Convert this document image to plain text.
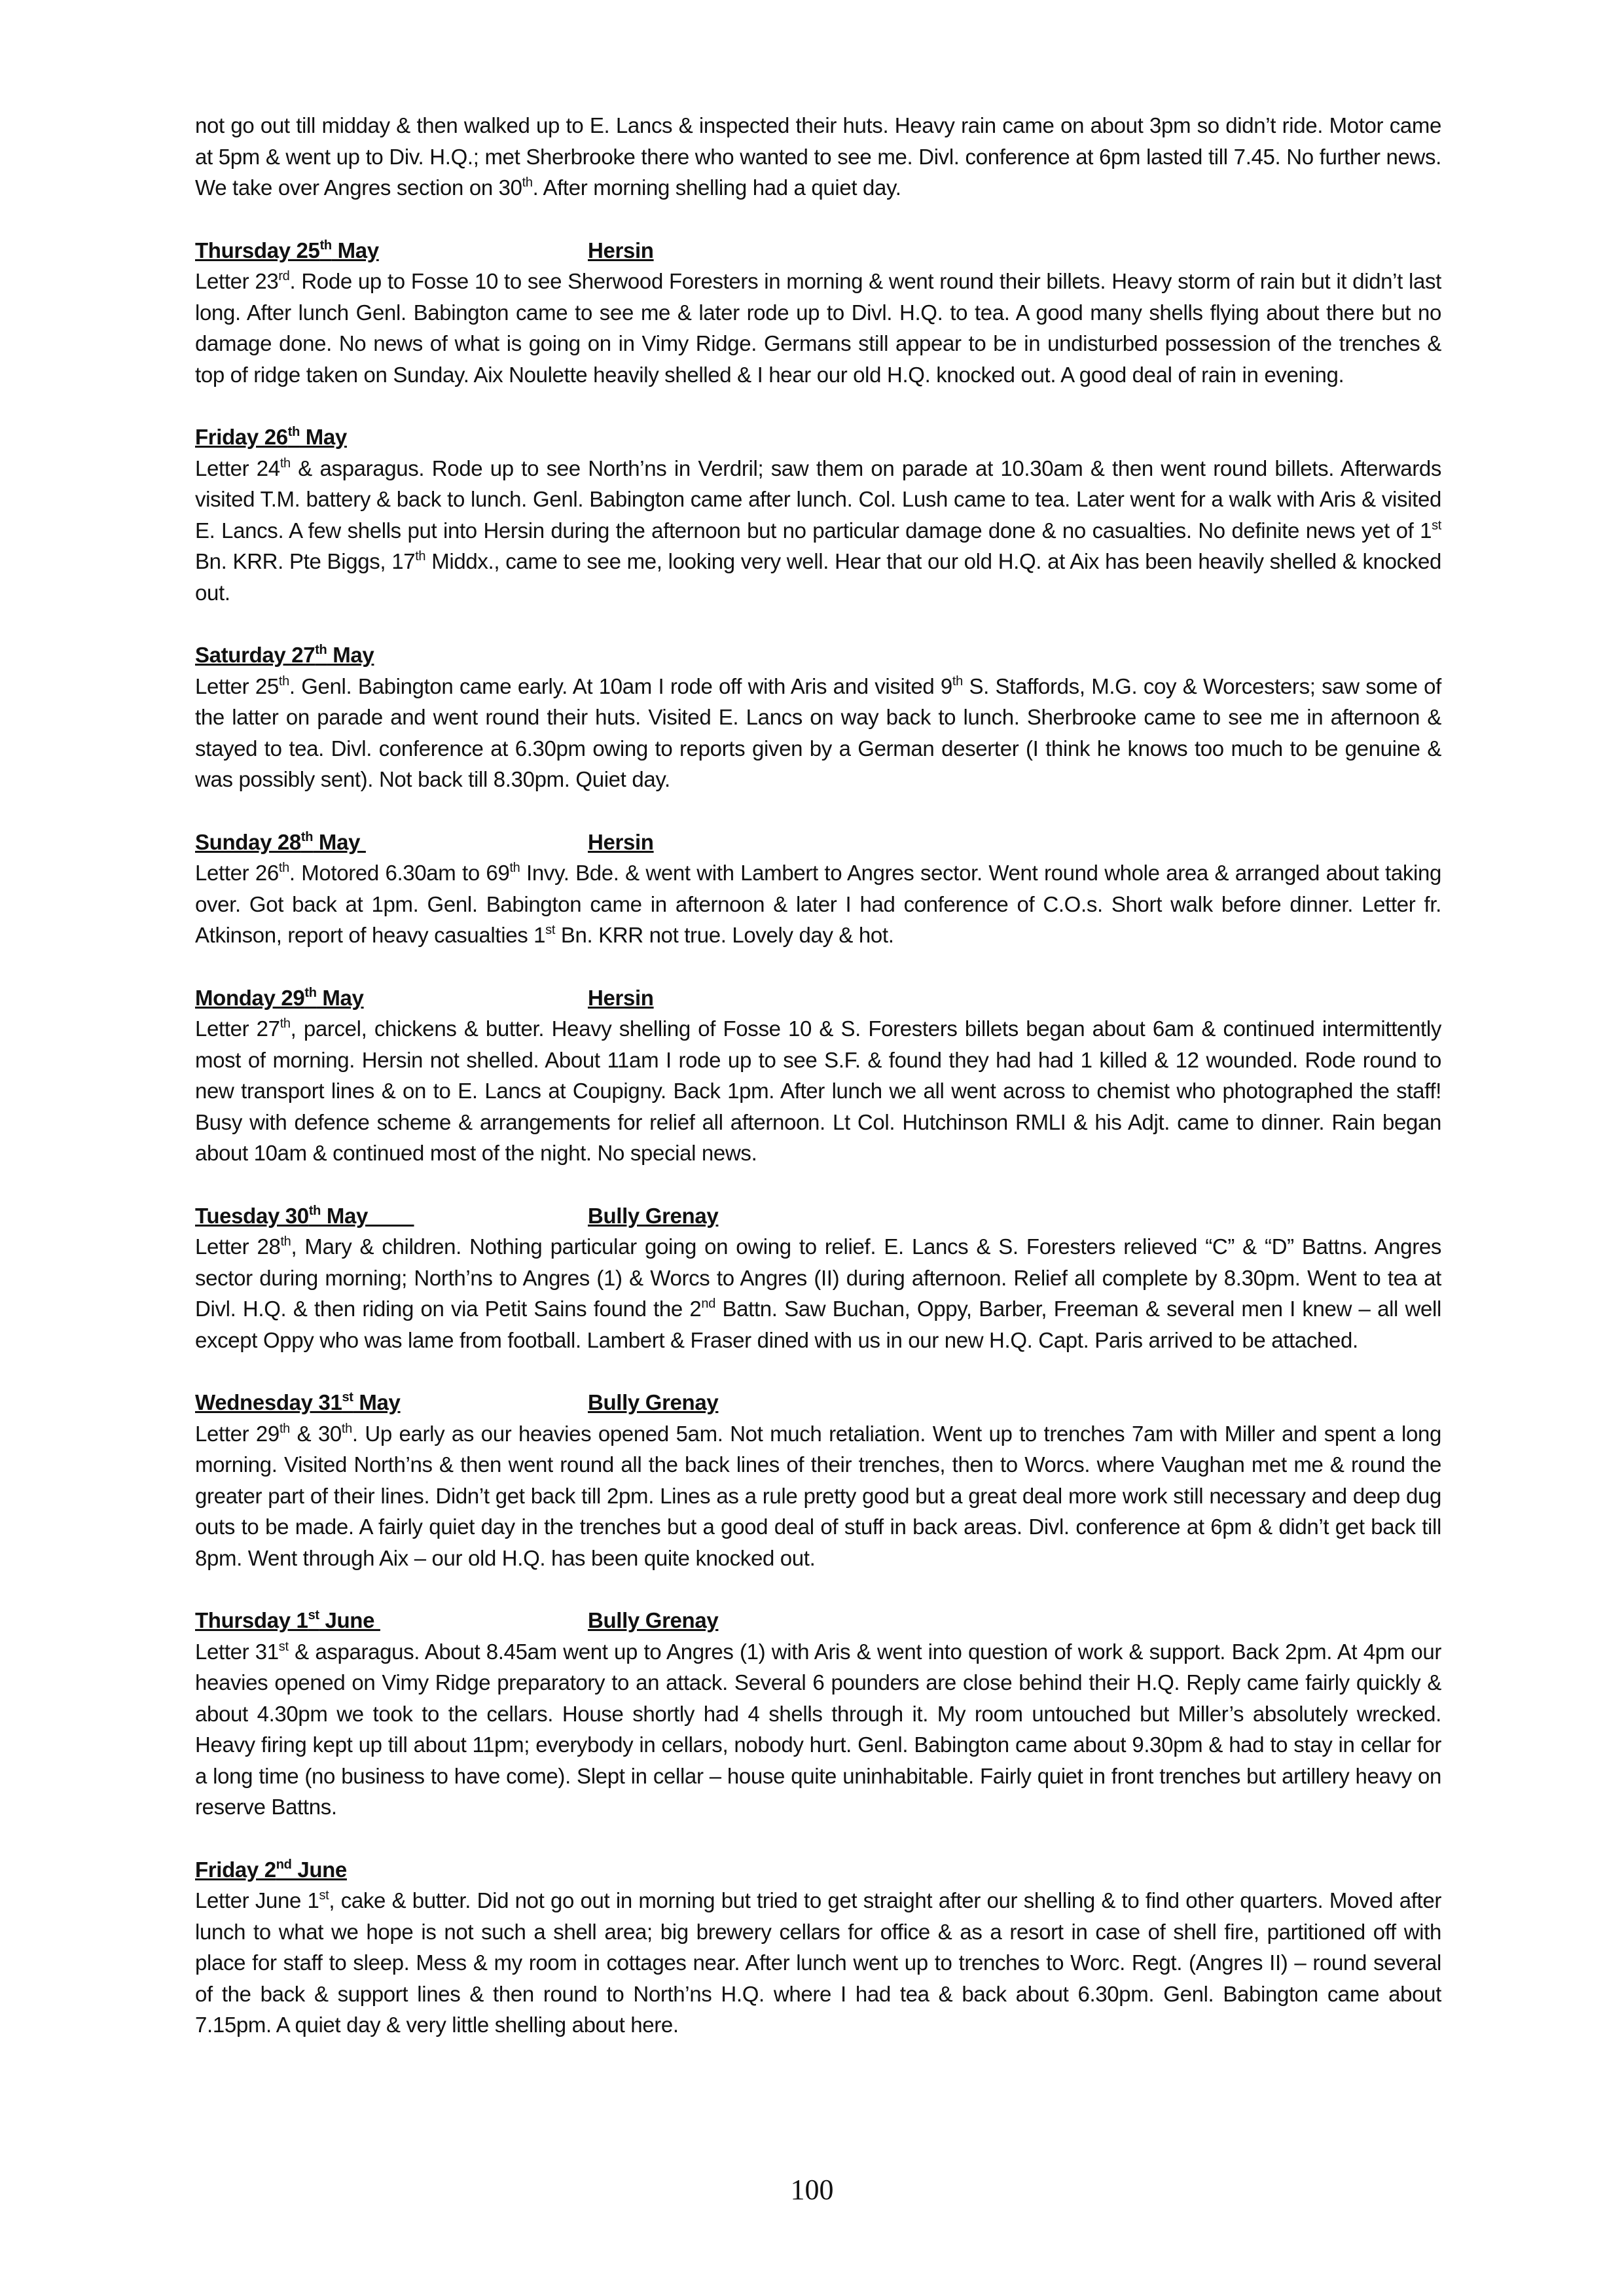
not go out till midday & then walked up to E. Lancs & inspected their huts. Heavy rain came on about 3pm so didn’t ride. Motor came at 5pm & went up to Div. H.Q.; met Sherbrooke there who wanted to see me. Divl. conference at 6pm lasted till 7.45. No further news. We take over Angres section on 30th. After morning shelling had a quiet day.

Thursday 25th May	Hersin

Letter 23rd. Rode up to Fosse 10 to see Sherwood Foresters in morning & went round their billets. Heavy storm of rain but it didn’t last long. After lunch Genl. Babington came to see me & later rode up to Divl. H.Q. to tea. A good many shells flying about there but no damage done. No news of what is going on in Vimy Ridge. Germans still appear to be in undisturbed possession of the trenches & top of ridge taken on Sunday. Aix Noulette heavily shelled & I hear our old H.Q. knocked out. A good deal of rain in evening.

Friday 26th May

Letter 24th & asparagus. Rode up to see North’ns in Verdril; saw them on parade at 10.30am & then went round billets. Afterwards visited T.M. battery & back to lunch. Genl. Babington came after lunch. Col. Lush came to tea. Later went for a walk with Aris & visited E. Lancs. A few shells put into Hersin during the afternoon but no particular damage done & no casualties. No definite news yet of 1st Bn. KRR. Pte Biggs, 17th Middx., came to see me, looking very well. Hear that our old H.Q. at Aix has been heavily shelled & knocked out.

Saturday 27th May

Letter 25th. Genl. Babington came early. At 10am I rode off with Aris and visited 9th S. Staffords, M.G. coy & Worcesters; saw some of the latter on parade and went round their huts. Visited E. Lancs on way back to lunch. Sherbrooke came to see me in afternoon & stayed to tea. Divl. conference at 6.30pm owing to reports given by a German deserter (I think he knows too much to be genuine & was possibly sent). Not back till 8.30pm. Quiet day.

Sunday 28th May	Hersin

Letter 26th. Motored 6.30am to 69th Invy. Bde. & went with Lambert to Angres sector. Went round whole area & arranged about taking over. Got back at 1pm. Genl. Babington came in afternoon & later I had conference of C.O.s. Short walk before dinner. Letter fr. Atkinson, report of heavy casualties 1st Bn. KRR not true. Lovely day & hot.

Monday 29th May	Hersin

Letter 27th, parcel, chickens & butter. Heavy shelling of Fosse 10 & S. Foresters billets began about 6am & continued intermittently most of morning. Hersin not shelled. About 11am I rode up to see S.F. & found they had had 1 killed & 12 wounded. Rode round to new transport lines & on to E. Lancs at Coupigny. Back 1pm. After lunch we all went across to chemist who photographed the staff! Busy with defence scheme & arrangements for relief all afternoon. Lt Col. Hutchinson RMLI & his Adjt. came to dinner. Rain began about 10am & continued most of the night. No special news.

Tuesday 30th May	Bully Grenay

Letter 28th, Mary & children. Nothing particular going on owing to relief. E. Lancs & S. Foresters relieved “C” & “D” Battns. Angres sector during morning; North’ns to Angres (1) & Worcs to Angres (II) during afternoon. Relief all complete by 8.30pm. Went to tea at Divl. H.Q. & then riding on via Petit Sains found the 2nd Battn. Saw Buchan, Oppy, Barber, Freeman & several men I knew – all well except Oppy who was lame from football. Lambert & Fraser dined with us in our new H.Q. Capt. Paris arrived to be attached.

Wednesday 31st May	Bully Grenay

Letter 29th & 30th. Up early as our heavies opened 5am. Not much retaliation. Went up to trenches 7am with Miller and spent a long morning. Visited North’ns & then went round all the back lines of their trenches, then to Worcs. where Vaughan met me & round the greater part of their lines. Didn’t get back till 2pm. Lines as a rule pretty good but a great deal more work still necessary and deep dug outs to be made. A fairly quiet day in the trenches but a good deal of stuff in back areas. Divl. conference at 6pm & didn’t get back till 8pm. Went through Aix – our old H.Q. has been quite knocked out.

Thursday 1st June	Bully Grenay

Letter 31st & asparagus. About 8.45am went up to Angres (1) with Aris & went into question of work & support. Back 2pm. At 4pm our heavies opened on Vimy Ridge preparatory to an attack. Several 6 pounders are close behind their H.Q. Reply came fairly quickly & about 4.30pm we took to the cellars. House shortly had 4 shells through it. My room untouched but Miller’s absolutely wrecked. Heavy firing kept up till about 11pm; everybody in cellars, nobody hurt. Genl. Babington came about 9.30pm & had to stay in cellar for a long time (no business to have come). Slept in cellar – house quite uninhabitable. Fairly quiet in front trenches but artillery heavy on reserve Battns.

Friday 2nd June

Letter June 1st, cake & butter. Did not go out in morning but tried to get straight after our shelling & to find other quarters. Moved after lunch to what we hope is not such a shell area; big brewery cellars for office & as a resort in case of shell fire, partitioned off with place for staff to sleep. Mess & my room in cottages near. After lunch went up to trenches to Worc. Regt. (Angres II) – round several of the back & support lines & then round to North’ns H.Q. where I had tea & back about 6.30pm. Genl. Babington came about 7.15pm. A quiet day & very little shelling about here.

100
